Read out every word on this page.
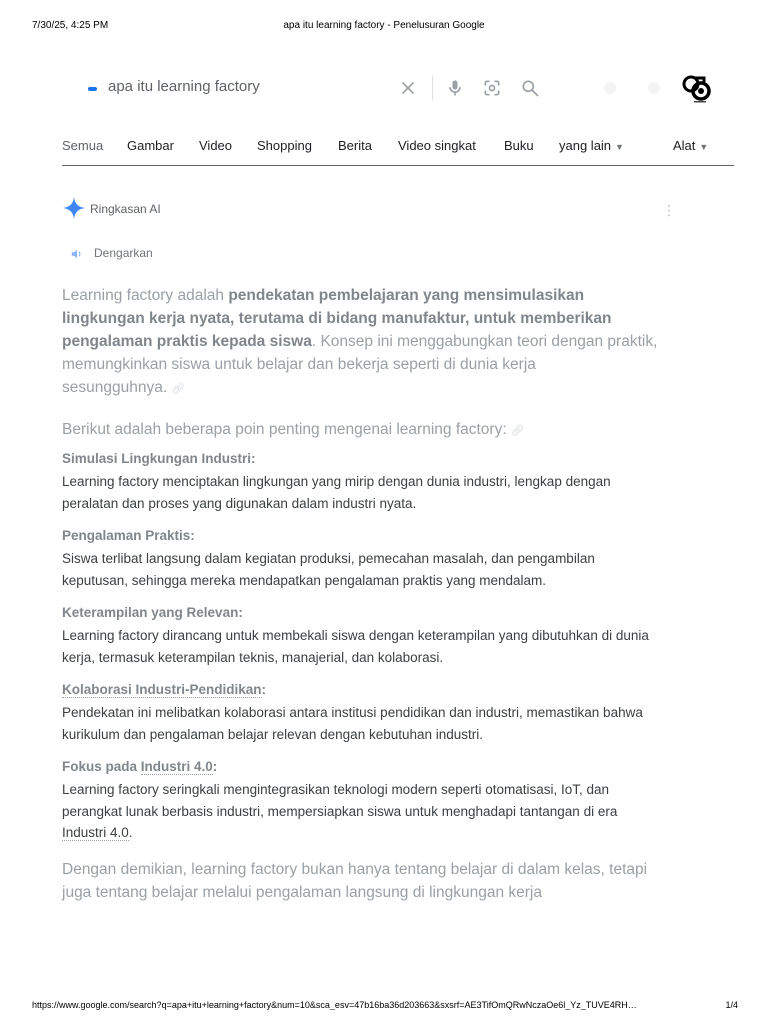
7/30/25, 4:25 PM	apa itu learning factory - Penelusuran Google
apa itu learning factory
Semua Gambar Video Shopping Berita Video singkat Buku yang lain ▼	Alat ▼
Ringkasan AI	⋮
Dengarkan

Learning factory adalah pendekatan pembelajaran yang mensimulasikan lingkungan kerja nyata, terutama di bidang manufaktur, untuk memberikan pengalaman praktis kepada siswa. Konsep ini menggabungkan teori dengan praktik, memungkinkan siswa untuk belajar dan bekerja seperti di dunia kerja sesungguhnya. 🔗︎

Berikut adalah beberapa poin penting mengenai learning factory: 🔗︎

Simulasi Lingkungan Industri:
Learning factory menciptakan lingkungan yang mirip dengan dunia industri, lengkap dengan peralatan dan proses yang digunakan dalam industri nyata.
Pengalaman Praktis:
Siswa terlibat langsung dalam kegiatan produksi, pemecahan masalah, dan pengambilan keputusan, sehingga mereka mendapatkan pengalaman praktis yang mendalam.
Keterampilan yang Relevan:
Learning factory dirancang untuk membekali siswa dengan keterampilan yang dibutuhkan di dunia kerja, termasuk keterampilan teknis, manajerial, dan kolaborasi.
Kolaborasi Industri-Pendidikan:
Pendekatan ini melibatkan kolaborasi antara institusi pendidikan dan industri, memastikan bahwa kurikulum dan pengalaman belajar relevan dengan kebutuhan industri.
Fokus pada Industri 4.0:
Learning factory seringkali mengintegrasikan teknologi modern seperti otomatisasi, IoT, dan perangkat lunak berbasis industri, mempersiapkan siswa untuk menghadapi tantangan di era Industri 4.0.

Dengan demikian, learning factory bukan hanya tentang belajar di dalam kelas, tetapi juga tentang belajar melalui pengalaman langsung di lingkungan kerja

https://www.google.com/search?q=apa+itu+learning+factory&num=10&sca_esv=47b16ba36d203663&sxsrf=AE3TifOmQRwNczaOe6l_Yz_TUVE4RH…	1/4
